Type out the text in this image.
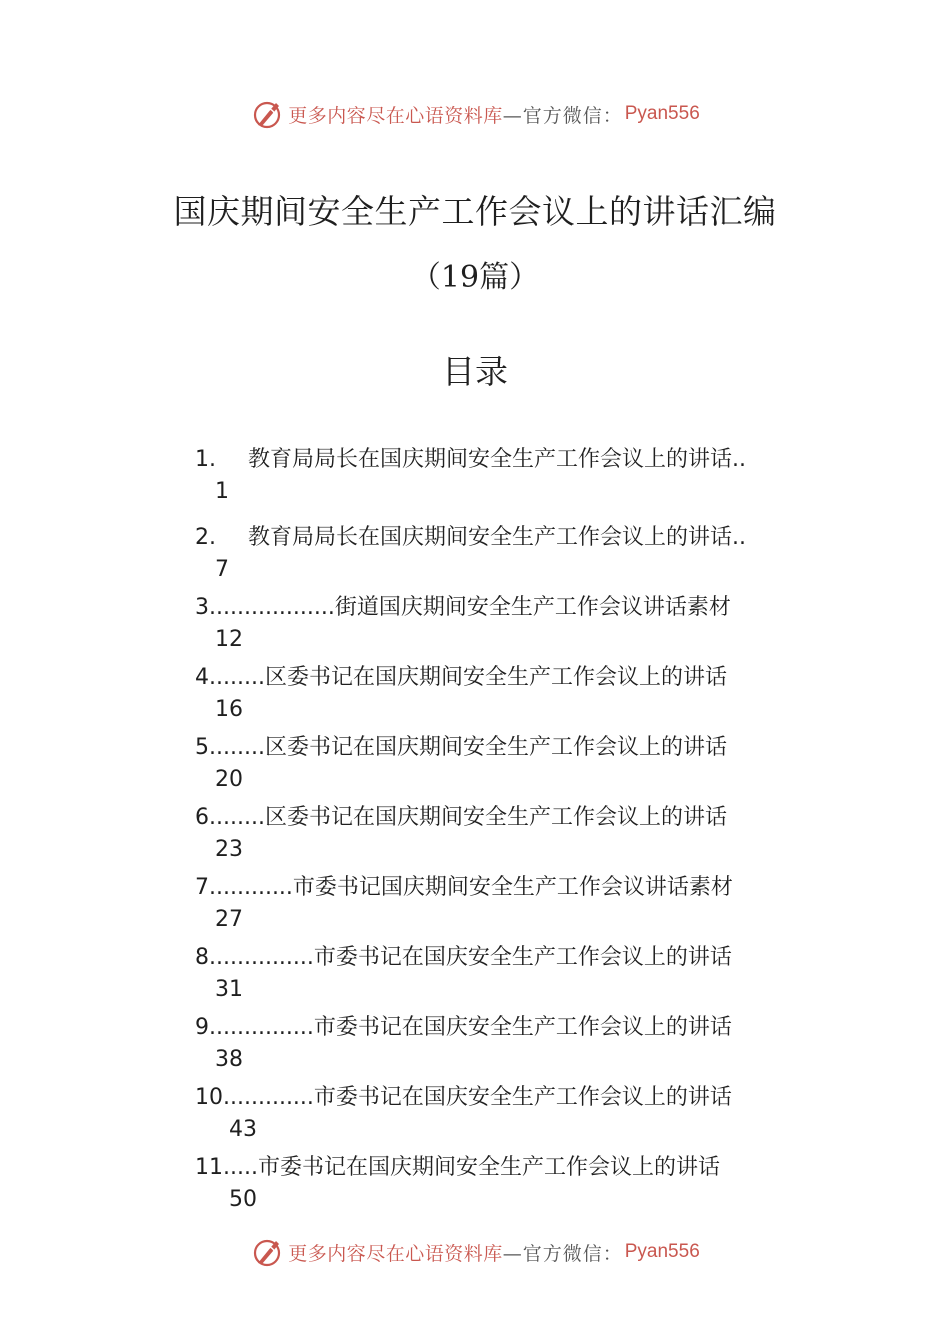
更多内容尽在心语资料库 —官方微信： Pyan556
国庆期间安全生产工作会议上的讲话汇编
（19篇）
目录
1. 教育局局长在国庆期间安全生产工作会议上的讲话..
1
2. 教育局局长在国庆期间安全生产工作会议上的讲话..
7
3..................街道国庆期间安全生产工作会议讲话素材
12
4........区委书记在国庆期间安全生产工作会议上的讲话
16
5........区委书记在国庆期间安全生产工作会议上的讲话
20
6........区委书记在国庆期间安全生产工作会议上的讲话
23
7............市委书记国庆期间安全生产工作会议讲话素材
27
8...............市委书记在国庆安全生产工作会议上的讲话
31
9...............市委书记在国庆安全生产工作会议上的讲话
38
10.............市委书记在国庆安全生产工作会议上的讲话
43
11.....市委书记在国庆期间安全生产工作会议上的讲话
50
更多内容尽在心语资料库 —官方微信： Pyan556
